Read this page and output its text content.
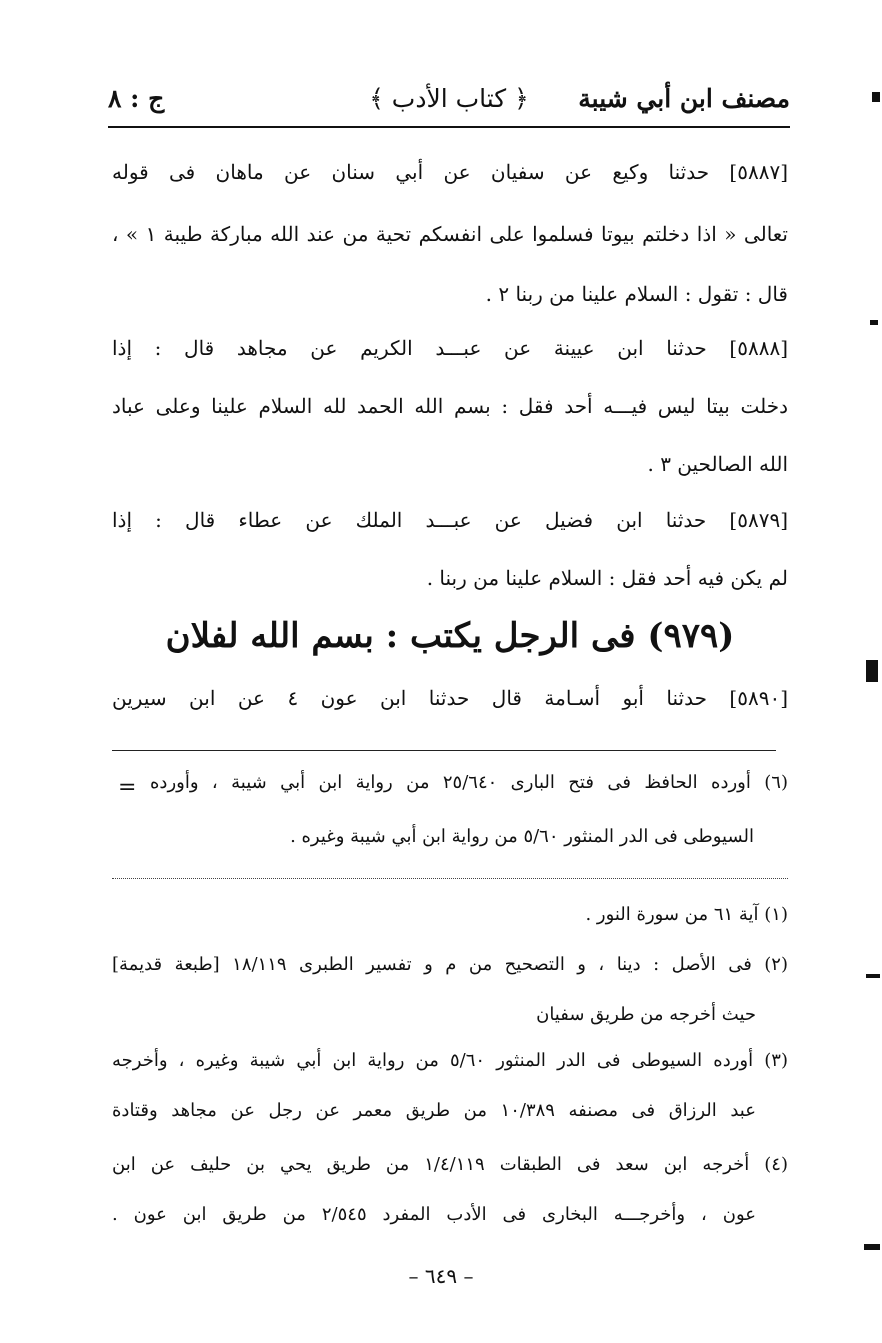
مصنف ابن أبي شيبة
﴿ كتاب الأدب ﴾
ج : ٨
[٥٨٨٧] حدثنا وكيع عن سفيان عن أبي سنان عن ماهان فى قوله
تعالى « اذا دخلتم بيوتا فسلموا على انفسكم تحية من عند الله مباركة طيبة ١ » ،
قال : تقول : السلام علينا من ربنا ٢ .
[٥٨٨٨] حدثنا ابن عيينة عن عبـــد الكريم عن مجاهد قال : إذا
دخلت بيتا ليس فيـــه أحد فقل : بسم الله الحمد لله السلام علينا وعلى عباد
الله الصالحين ٣ .
[٥٨٧٩] حدثنا ابن فضيل عن عبـــد الملك عن عطاء قال : إذا
لم يكن فيه أحد فقل : السلام علينا من ربنا .
(٩٧٩) فى الرجل يكتب : بسم الله لفلان
[٥٨٩٠] حدثنا أبو أسـامة قال حدثنا ابن عون ٤ عن ابن سيرين
= (٦) أورده الحافظ فى فتح البارى ٢٥/٦٤٠ من رواية ابن أبي شيبة ، وأورده
السيوطى فى الدر المنثور ٥/٦٠ من رواية ابن أبي شيبة وغيره .
(١) آية ٦١ من سورة النور .
(٢) فى الأصل : دينا ، و التصحيح من م و تفسير الطبرى ١٨/١١٩ [طبعة قديمة]
حيث أخرجه من طريق سفيان
(٣) أورده السيوطى فى الدر المنثور ٥/٦٠ من رواية ابن أبي شيبة وغيره ، وأخرجه
عبد الرزاق فى مصنفه ١٠/٣٨٩ من طريق معمر عن رجل عن مجاهد وقتادة
(٤) أخرجه ابن سعد فى الطبقات ١/٤/١١٩ من طريق يحي بن حليف عن ابن
عون ، وأخرجـــه البخارى فى الأدب المفرد ٢/٥٤٥ من طريق ابن عون .
– ٦٤٩ –
